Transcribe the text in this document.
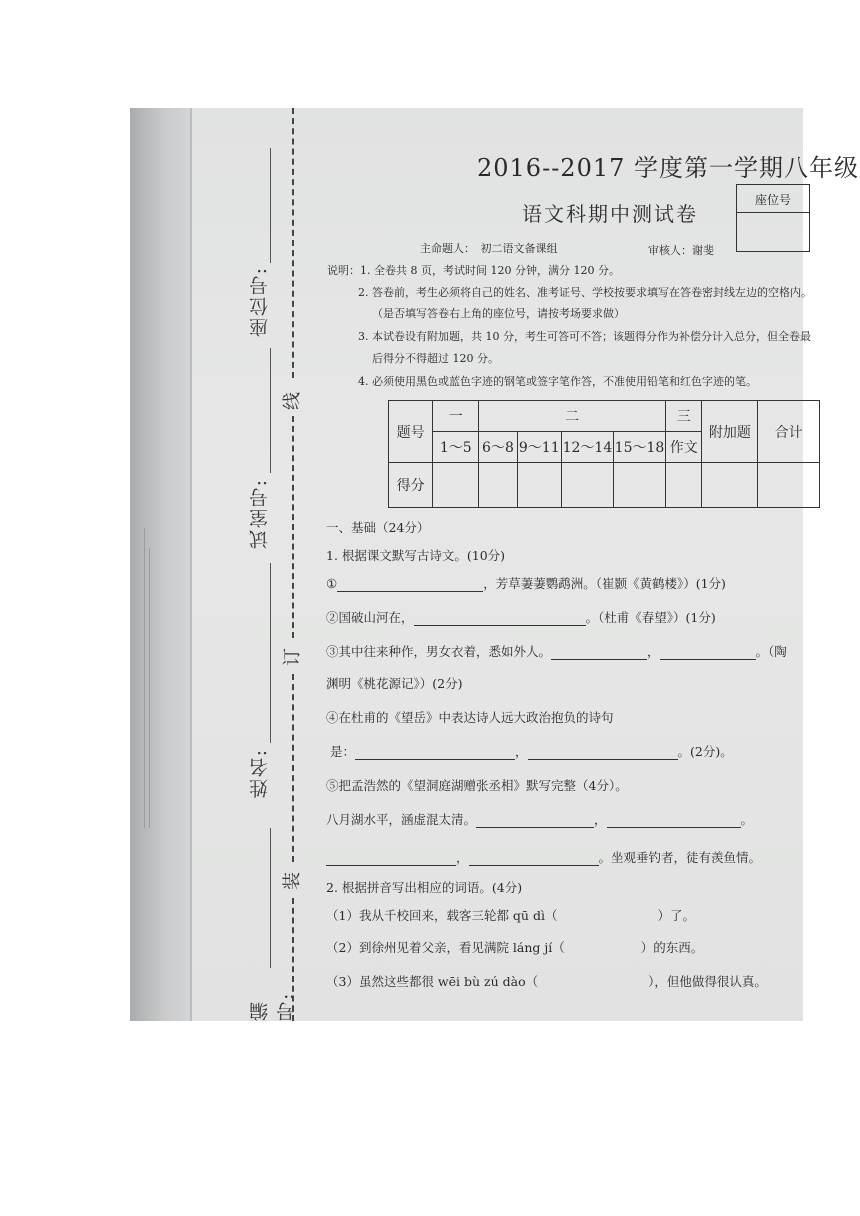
座位号:
试室号:
姓名:
编号:
线
订
装
2016--2017 学度第一学期八年级
语文科期中测试卷
座位号
主命题人：　初二语文备课组	审核人：谢斐
说明：1. 全卷共 8 页，考试时间 120 分钟，满分 120 分。
2. 答卷前，考生必须将自己的姓名、准考证号、学校按要求填写在答卷密封线左边的空格内。
（是否填写答卷右上角的座位号，请按考场要求做）
3. 本试卷设有附加题，共 10 分，考生可答可不答；该题得分作为补偿分计入总分，但全卷最
后得分不得超过 120 分。
4. 必须使用黑色或蓝色字迹的钢笔或签字笔作答，不准使用铅笔和红色字迹的笔。
题号	一	二				三	附加题	合计
	1～5	6～8	9～11	12～14	15～18	作文		
得分								
一、基础（24分）
1. 根据课文默写古诗文。(10分)
①	，芳草萋萋鹦鹉洲。（崔颢《黄鹤楼》）(1分)
②国破山河在，	。（杜甫《春望》）(1分)
③其中往来种作，男女衣着，悉如外人。	，	。（陶
渊明《桃花源记》）(2分)
④在杜甫的《望岳》中表达诗人远大政治抱负的诗句
是：	，	。(2分)。
⑤把孟浩然的《望洞庭湖赠张丞相》默写完整（4分）。
八月湖水平，涵虚混太清。	，	。
，	。坐观垂钓者，徒有羡鱼情。
2. 根据拼音写出相应的词语。(4分)
（1）我从千校回来，载客三轮都 qū dì（	）了。
（2）到徐州见着父亲，看见满院 láng jí（	）的东西。
（3）虽然这些都很 wēi bù zú dào（	），但他做得很认真。
